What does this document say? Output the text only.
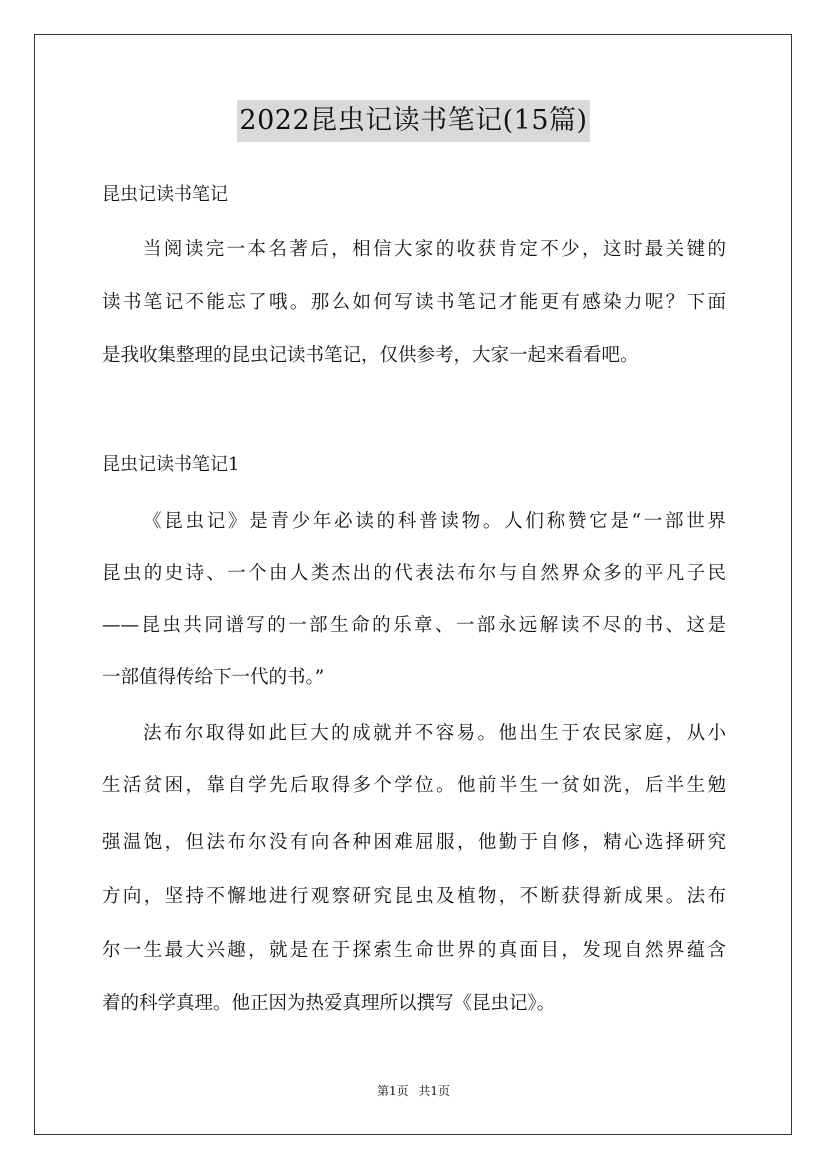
2022昆虫记读书笔记(15篇)
昆虫记读书笔记
当阅读完一本名著后，相信大家的收获肯定不少，这时最关键的
读书笔记不能忘了哦。那么如何写读书笔记才能更有感染力呢？下面
是我收集整理的昆虫记读书笔记，仅供参考，大家一起来看看吧。
昆虫记读书笔记1
《昆虫记》是青少年必读的科普读物。人们称赞它是“一部世界
昆虫的史诗、一个由人类杰出的代表法布尔与自然界众多的平凡子民
——昆虫共同谱写的一部生命的乐章、一部永远解读不尽的书、这是
一部值得传给下一代的书。”
法布尔取得如此巨大的成就并不容易。他出生于农民家庭，从小
生活贫困，靠自学先后取得多个学位。他前半生一贫如洗，后半生勉
强温饱，但法布尔没有向各种困难屈服，他勤于自修，精心选择研究
方向，坚持不懈地进行观察研究昆虫及植物，不断获得新成果。法布
尔一生最大兴趣，就是在于探索生命世界的真面目，发现自然界蕴含
着的科学真理。他正因为热爱真理所以撰写《昆虫记》。
第1页 共1页
